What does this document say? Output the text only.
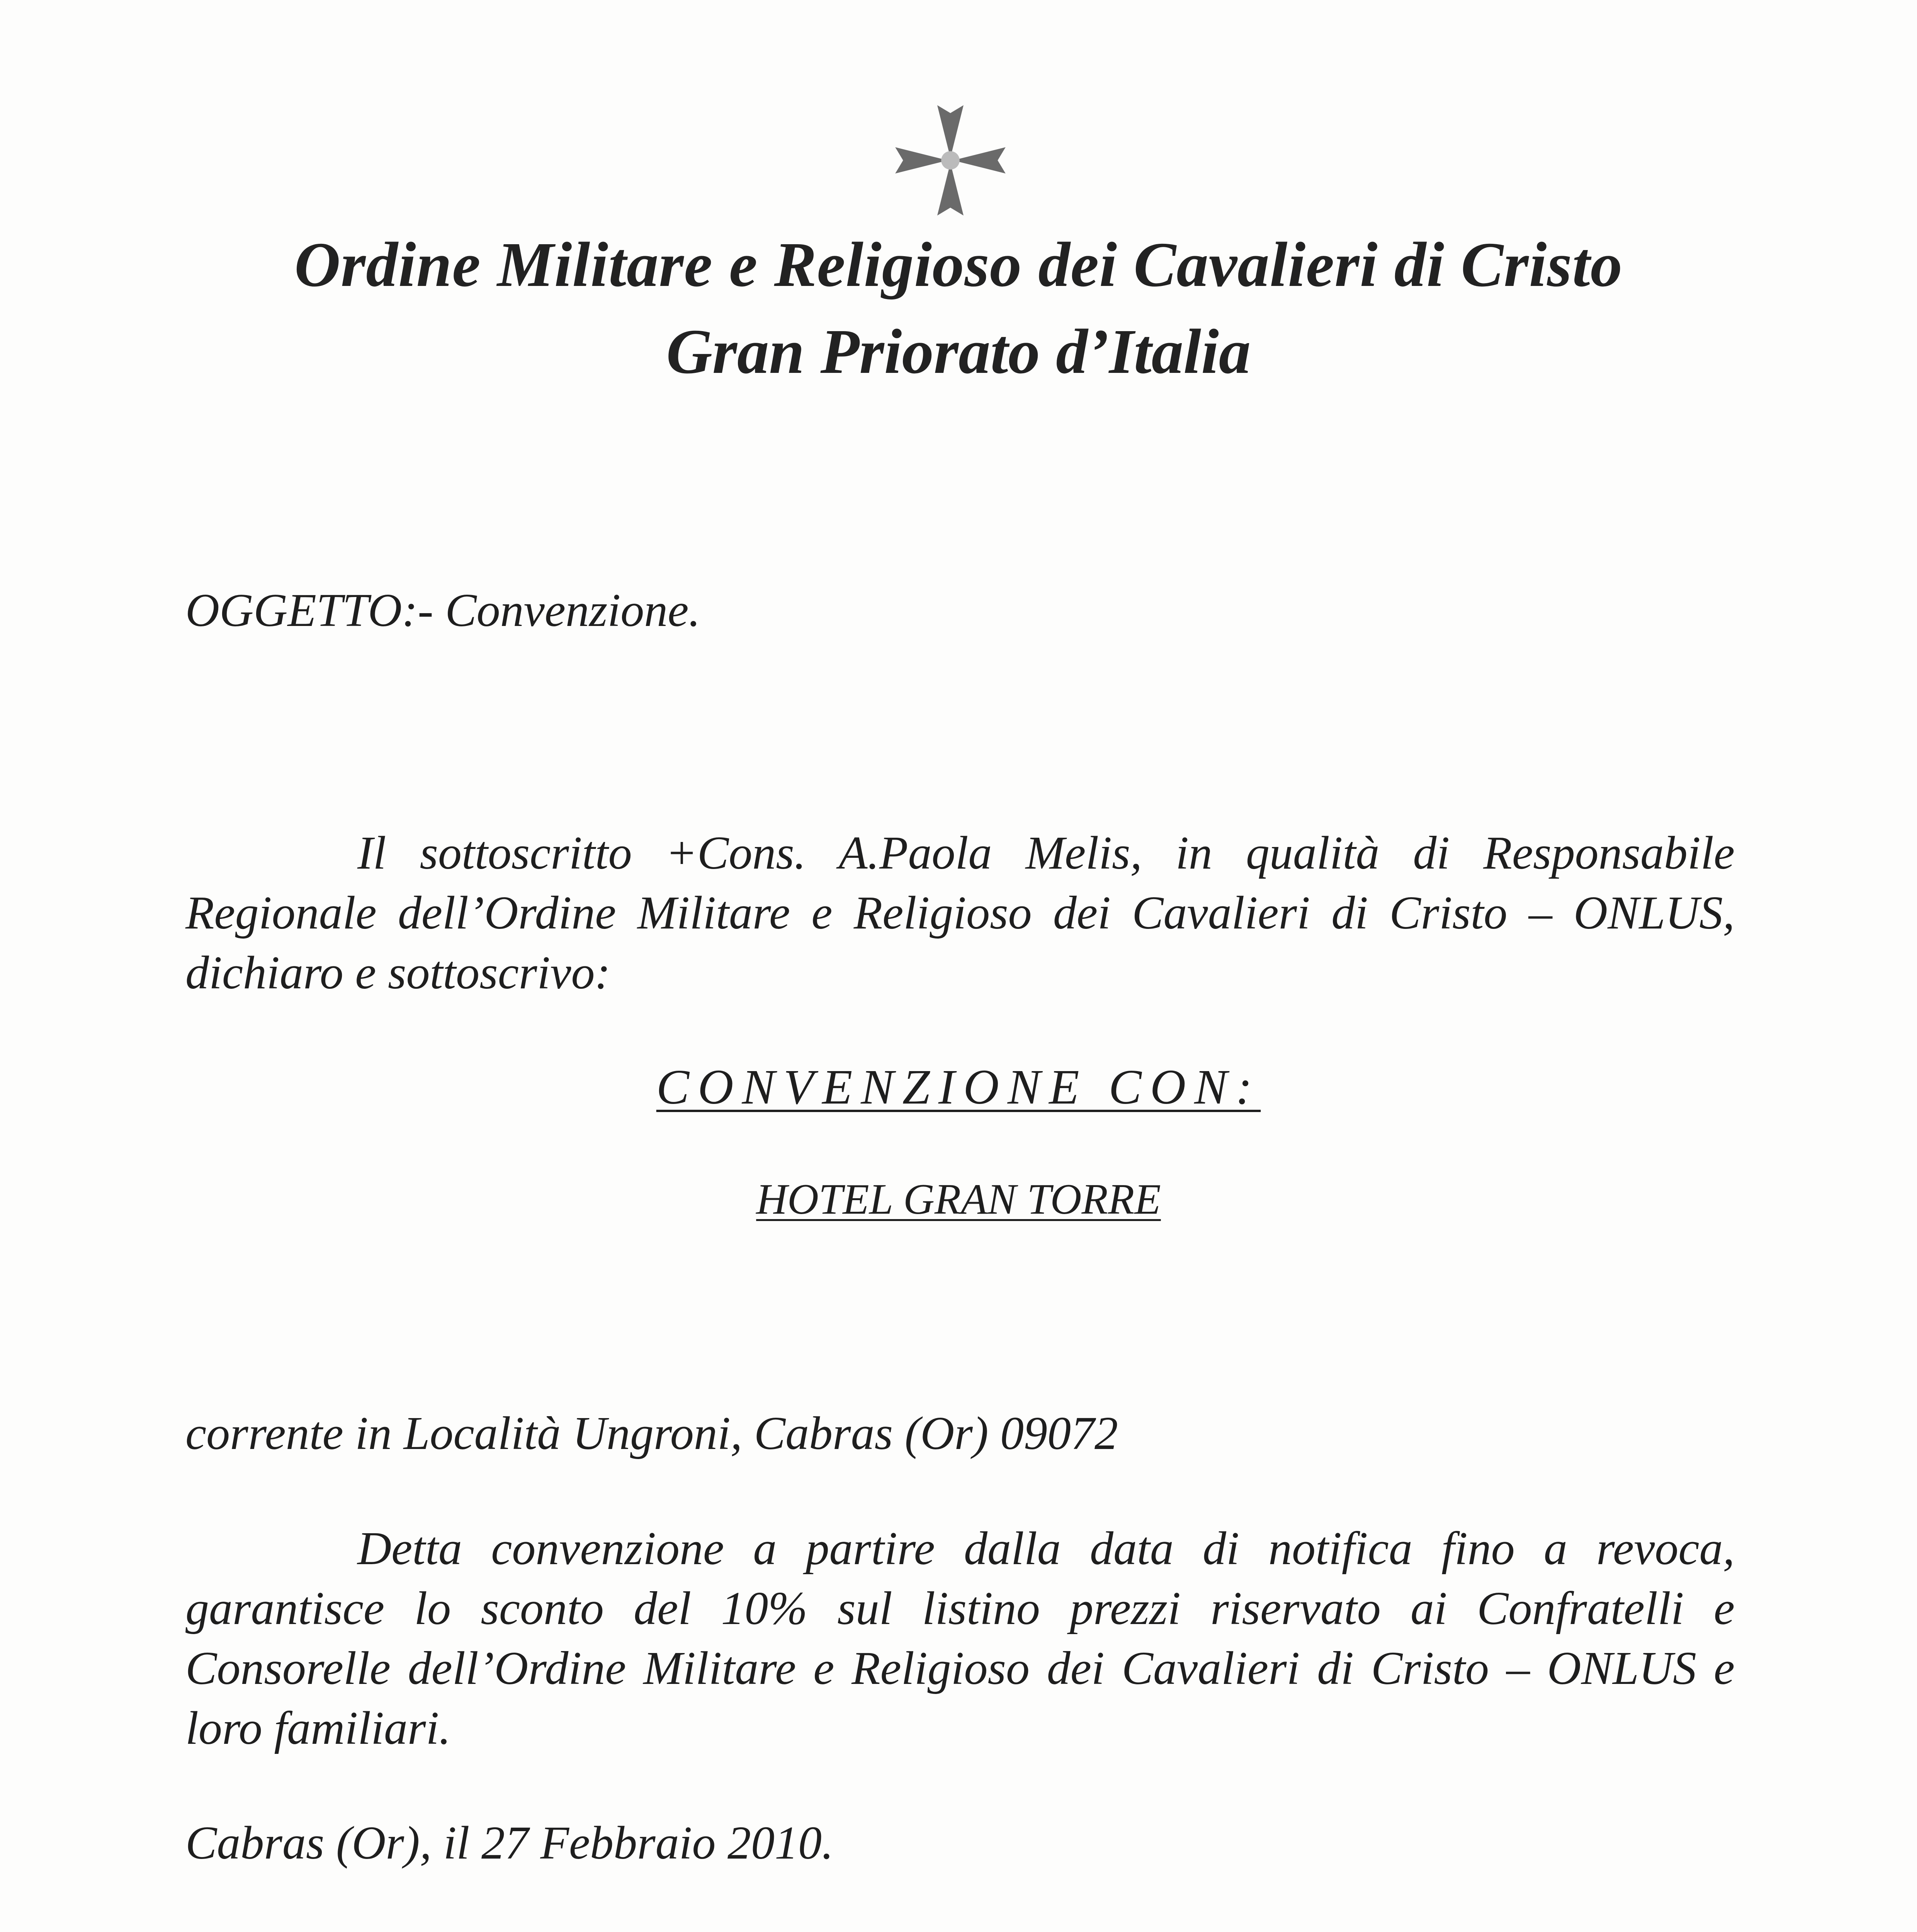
Ordine Militare e Religioso dei Cavalieri di Cristo
Gran Priorato d’Italia
OGGETTO:- Convenzione.
Il sottoscritto +Cons. A.Paola Melis, in qualità di Responsabile Regionale dell’Ordine Militare e Religioso dei Cavalieri di Cristo – ONLUS, dichiaro e sottoscrivo:
CONVENZIONE CON:
HOTEL GRAN TORRE
corrente in Località Ungroni, Cabras (Or) 09072
Detta convenzione a partire dalla data di notifica fino a revoca, garantisce lo sconto del 10% sul listino prezzi riservato ai Confratelli e Consorelle dell’Ordine Militare e Religioso dei Cavalieri di Cristo – ONLUS e loro familiari.
Cabras (Or), il 27 Febbraio 2010.
